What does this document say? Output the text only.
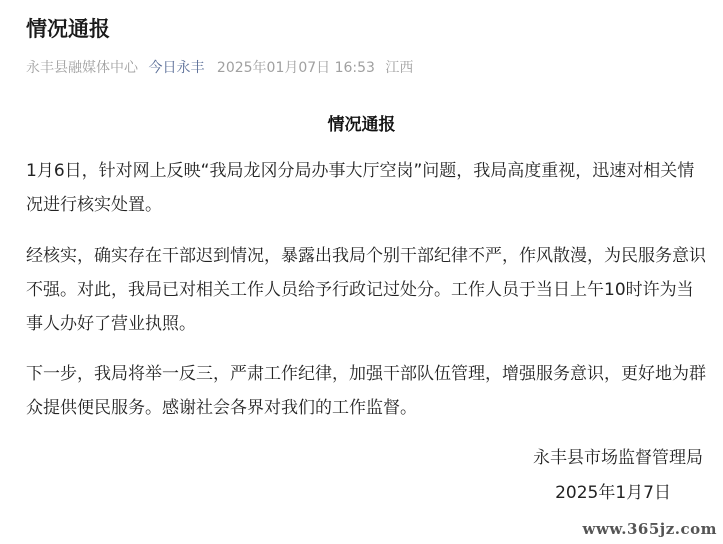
情况通报
永丰县融媒体中心 今日永丰 2025年01月07日 16:53 江西
情况通报

1月6日，针对网上反映“我局龙冈分局办事大厅空岗”问题，我局高度重视，迅速对相关情况进行核实处置。

经核实，确实存在干部迟到情况，暴露出我局个别干部纪律不严，作风散漫，为民服务意识不强。对此，我局已对相关工作人员给予行政记过处分。工作人员于当日上午10时许为当事人办好了营业执照。

下一步，我局将举一反三，严肃工作纪律，加强干部队伍管理，增强服务意识，更好地为群众提供便民服务。感谢社会各界对我们的工作监督。

永丰县市场监督管理局
2025年1月7日
www.365jz.com
